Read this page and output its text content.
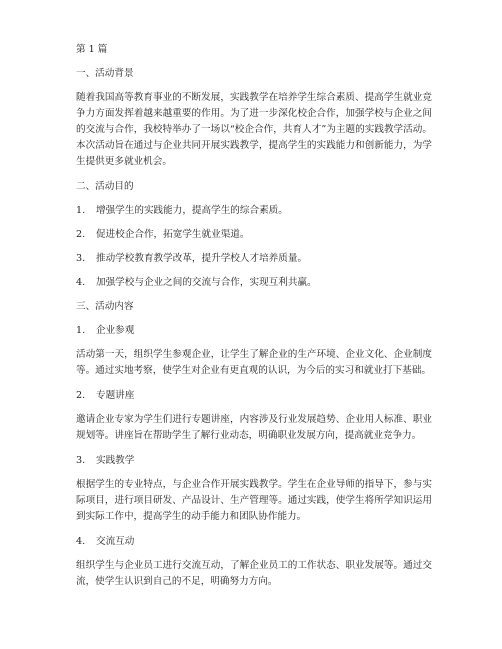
第 1 篇

一、活动背景

随着我国高等教育事业的不断发展，实践教学在培养学生综合素质、提高学生就业竞争力方面发挥着越来越重要的作用。为了进一步深化校企合作，加强学校与企业之间的交流与合作，我校特举办了一场以“校企合作，共育人才”为主题的实践教学活动。本次活动旨在通过与企业共同开展实践教学，提高学生的实践能力和创新能力，为学生提供更多就业机会。

二、活动目的

1. 增强学生的实践能力，提高学生的综合素质。

2. 促进校企合作，拓宽学生就业渠道。

3. 推动学校教育教学改革，提升学校人才培养质量。

4. 加强学校与企业之间的交流与合作，实现互利共赢。

三、活动内容

1. 企业参观

活动第一天，组织学生参观企业，让学生了解企业的生产环境、企业文化、企业制度等。通过实地考察，使学生对企业有更直观的认识，为今后的实习和就业打下基础。

2. 专题讲座

邀请企业专家为学生们进行专题讲座，内容涉及行业发展趋势、企业用人标准、职业规划等。讲座旨在帮助学生了解行业动态，明确职业发展方向，提高就业竞争力。

3. 实践教学

根据学生的专业特点，与企业合作开展实践教学。学生在企业导师的指导下，参与实际项目，进行项目研发、产品设计、生产管理等。通过实践，使学生将所学知识运用到实际工作中，提高学生的动手能力和团队协作能力。

4. 交流互动

组织学生与企业员工进行交流互动，了解企业员工的工作状态、职业发展等。通过交流，使学生认识到自己的不足，明确努力方向。
